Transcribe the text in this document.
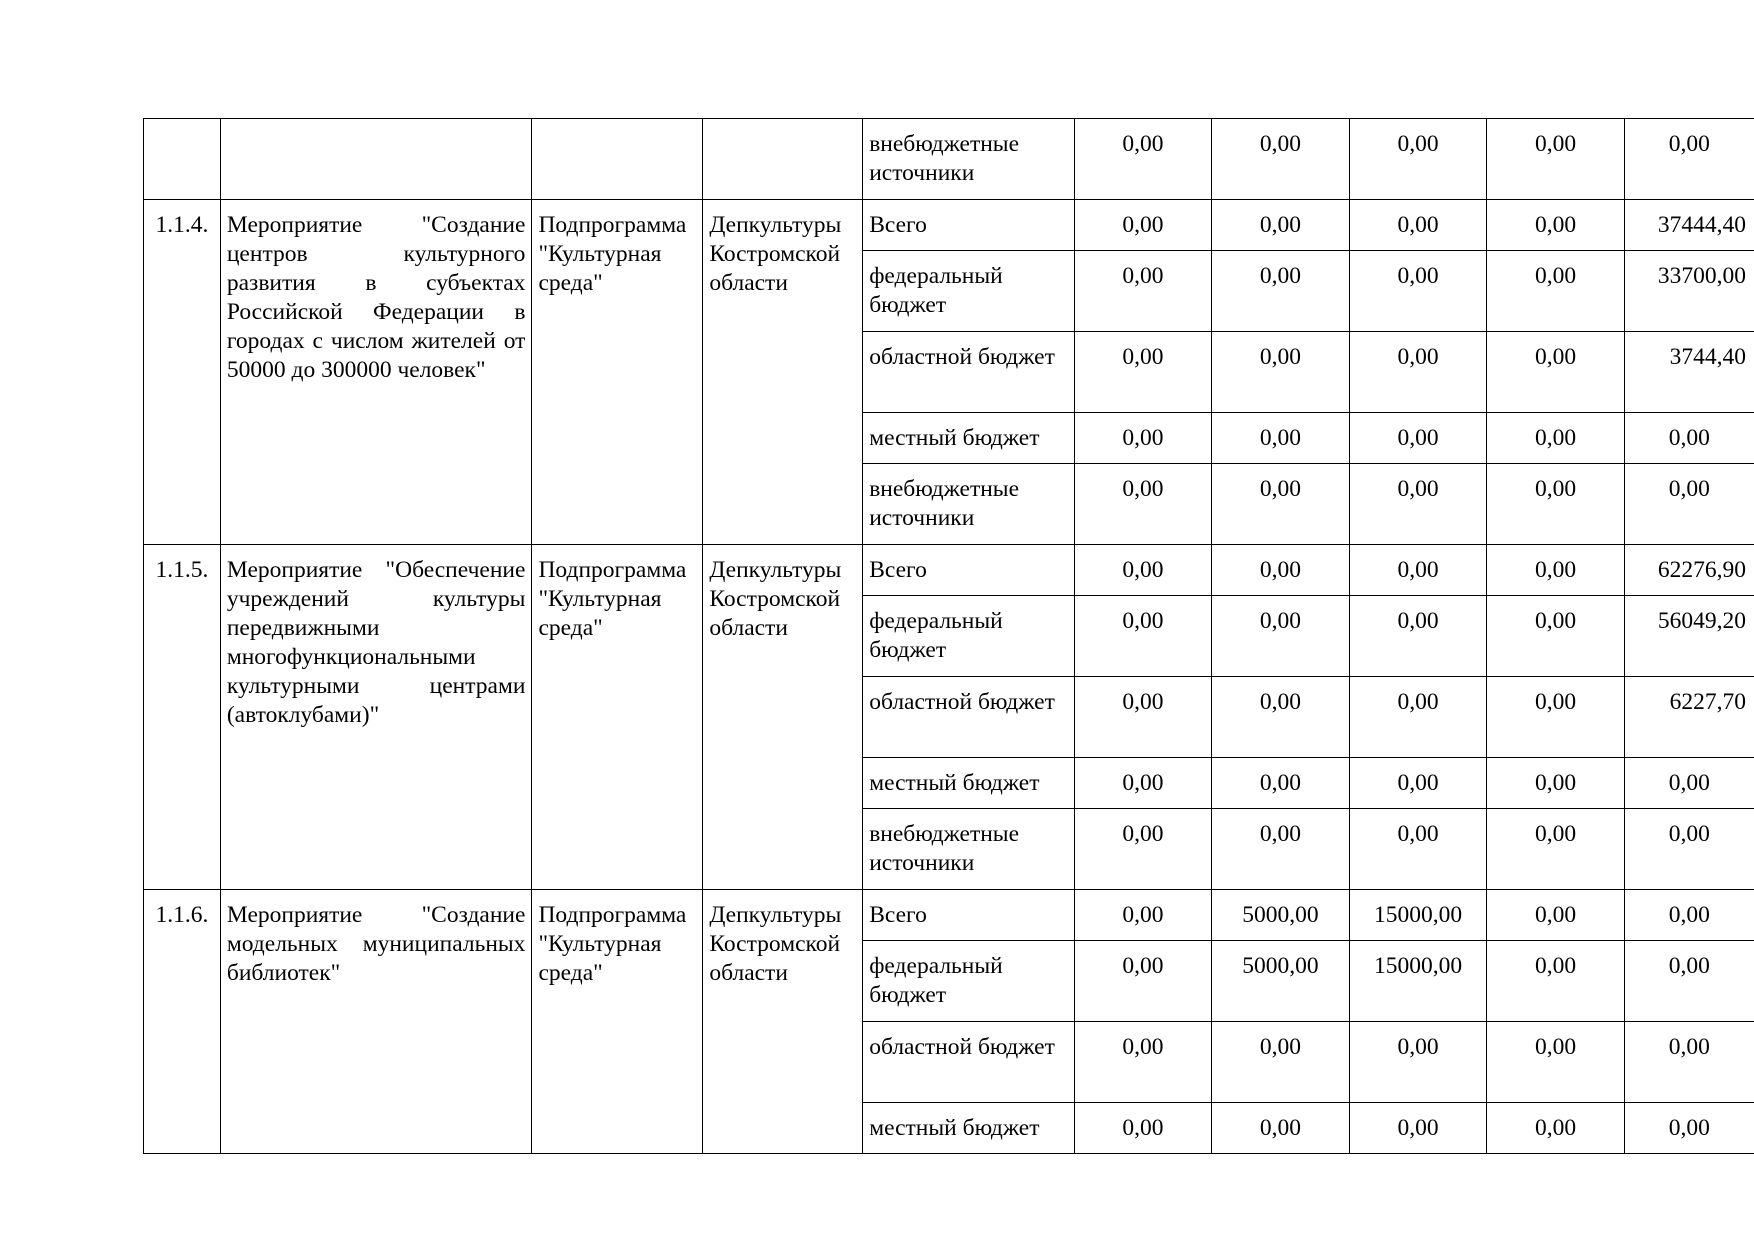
				внебюджетные источники	0,00	0,00	0,00	0,00	0,00
1.1.4.	Мероприятие "Создание центров культурного развития в субъектах Российской Федерации в городах с числом жителей от 50000 до 300000 человек"	Подпрограмма "Культурная среда"	Депкультуры Костромской области	Всего	0,00	0,00	0,00	0,00	37444,40
				федеральный бюджет	0,00	0,00	0,00	0,00	33700,00
				областной бюджет	0,00	0,00	0,00	0,00	3744,40
				местный бюджет	0,00	0,00	0,00	0,00	0,00
				внебюджетные источники	0,00	0,00	0,00	0,00	0,00
1.1.5.	Мероприятие "Обеспечение учреждений культуры передвижными многофункциональными культурными центрами (автоклубами)"	Подпрограмма "Культурная среда"	Депкультуры Костромской области	Всего	0,00	0,00	0,00	0,00	62276,90
				федеральный бюджет	0,00	0,00	0,00	0,00	56049,20
				областной бюджет	0,00	0,00	0,00	0,00	6227,70
				местный бюджет	0,00	0,00	0,00	0,00	0,00
				внебюджетные источники	0,00	0,00	0,00	0,00	0,00
1.1.6.	Мероприятие "Создание модельных муниципальных библиотек"	Подпрограмма "Культурная среда"	Депкультуры Костромской области	Всего	0,00	5000,00	15000,00	0,00	0,00
				федеральный бюджет	0,00	5000,00	15000,00	0,00	0,00
				областной бюджет	0,00	0,00	0,00	0,00	0,00
				местный бюджет	0,00	0,00	0,00	0,00	0,00
